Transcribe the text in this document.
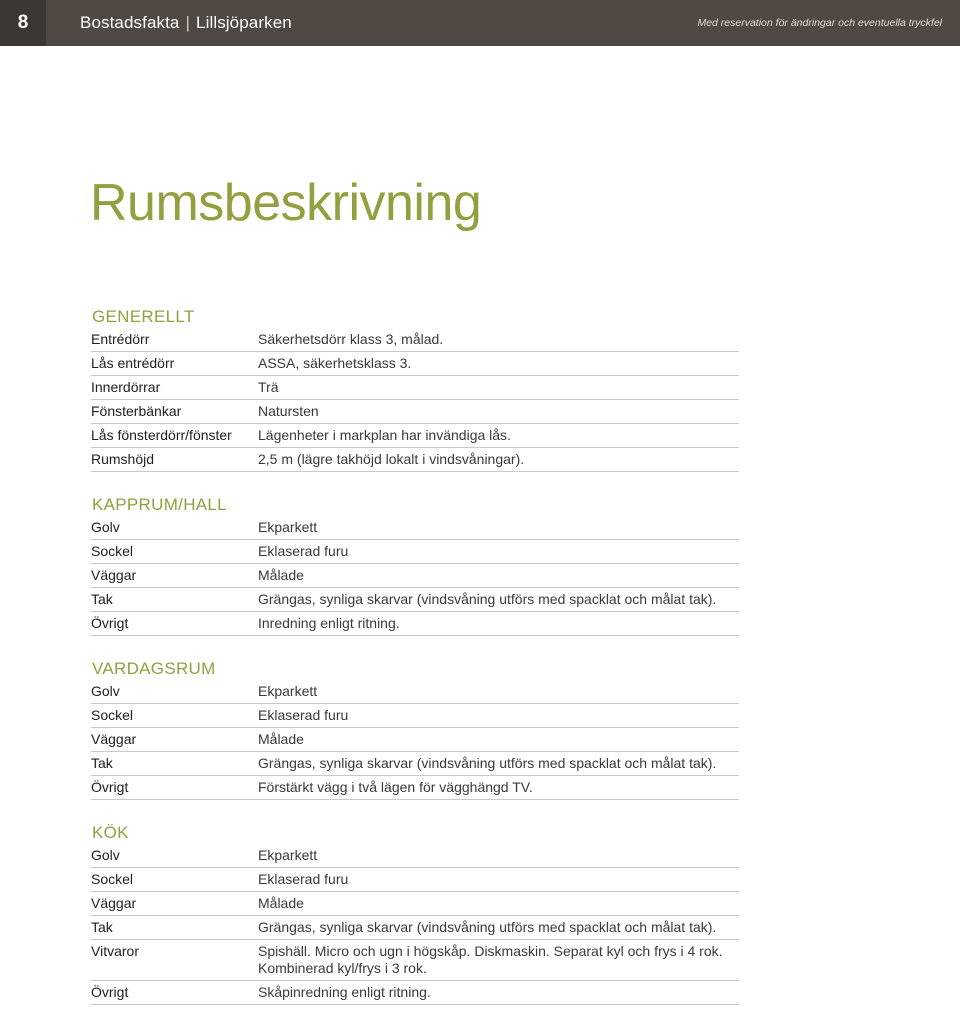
8	Bostadsfakta | Lillsjöparken	Med reservation för ändringar och eventuella tryckfel
Rumsbeskrivning
GENERELLT
Entrédörr	Säkerhetsdörr klass 3, målad.
Lås entrédörr	ASSA, säkerhetsklass 3.
Innerdörrar	Trä
Fönsterbänkar	Natursten
Lås fönsterdörr/fönster	Lägenheter i markplan har invändiga lås.
Rumshöjd	2,5 m (lägre takhöjd lokalt i vindsvåningar).
KAPPRUM/HALL
Golv	Ekparkett
Sockel	Eklaserad furu
Väggar	Målade
Tak	Grängas, synliga skarvar (vindsvåning utförs med spacklat och målat tak).
Övrigt	Inredning enligt ritning.
VARDAGSRUM
Golv	Ekparkett
Sockel	Eklaserad furu
Väggar	Målade
Tak	Grängas, synliga skarvar (vindsvåning utförs med spacklat och målat tak).
Övrigt	Förstärkt vägg i två lägen för vägghängd TV.
KÖK
Golv	Ekparkett
Sockel	Eklaserad furu
Väggar	Målade
Tak	Grängas, synliga skarvar (vindsvåning utförs med spacklat och målat tak).
Vitvaror	Spishäll. Micro och ugn i högskåp. Diskmaskin. Separat kyl och frys i 4 rok.
Kombinerad kyl/frys i 3 rok.
Övrigt	Skåpinredning enligt ritning.
